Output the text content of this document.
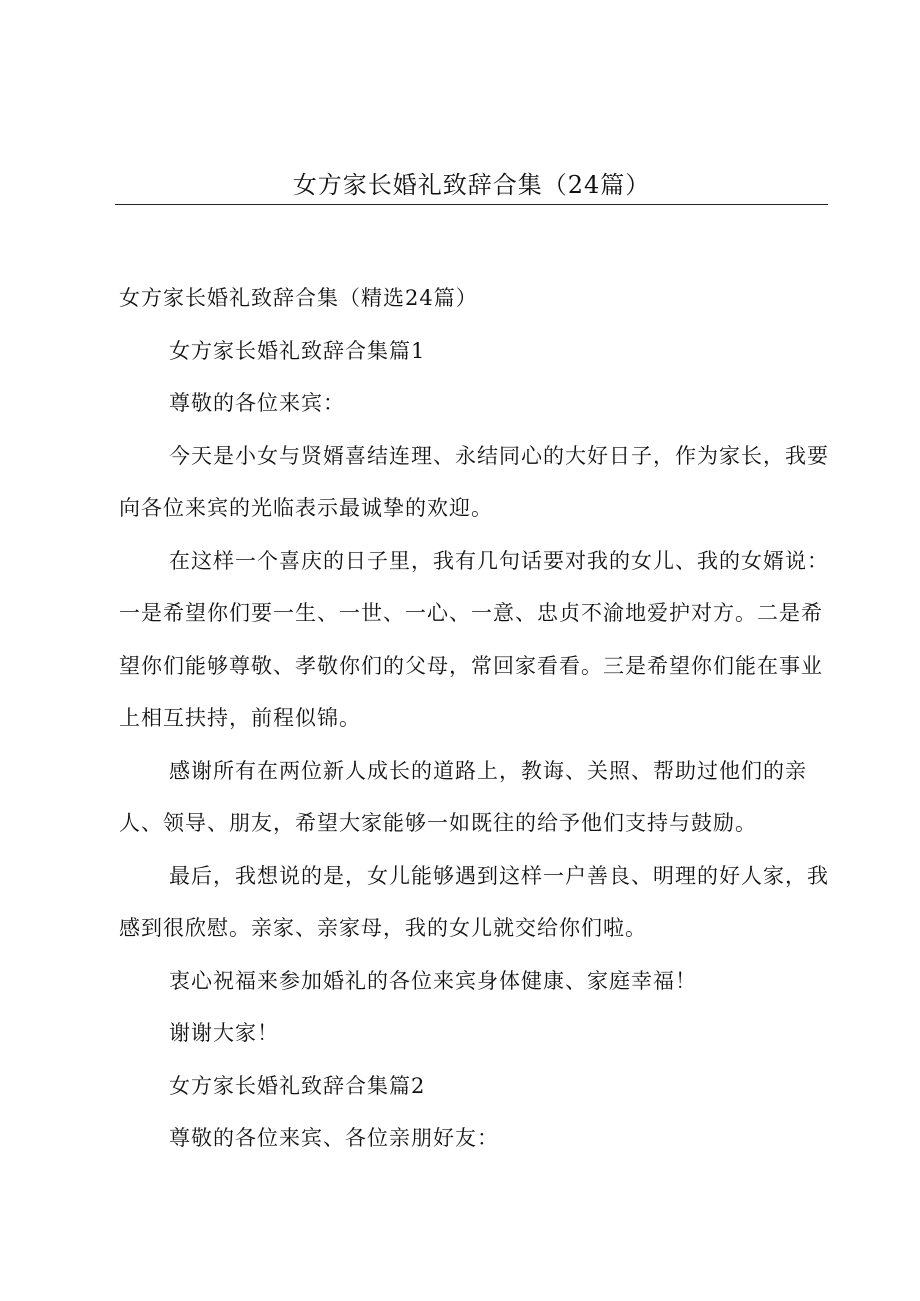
女方家长婚礼致辞合集（24篇）

女方家长婚礼致辞合集（精选24篇）

女方家长婚礼致辞合集篇1

尊敬的各位来宾：

今天是小女与贤婿喜结连理、永结同心的大好日子，作为家长，我要向各位来宾的光临表示最诚挚的欢迎。

在这样一个喜庆的日子里，我有几句话要对我的女儿、我的女婿说：一是希望你们要一生、一世、一心、一意、忠贞不渝地爱护对方。二是希望你们能够尊敬、孝敬你们的父母，常回家看看。三是希望你们能在事业上相互扶持，前程似锦。

感谢所有在两位新人成长的道路上，教诲、关照、帮助过他们的亲人、领导、朋友，希望大家能够一如既往的给予他们支持与鼓励。

最后，我想说的是，女儿能够遇到这样一户善良、明理的好人家，我感到很欣慰。亲家、亲家母，我的女儿就交给你们啦。

衷心祝福来参加婚礼的各位来宾身体健康、家庭幸福！

谢谢大家！

女方家长婚礼致辞合集篇2

尊敬的各位来宾、各位亲朋好友：
